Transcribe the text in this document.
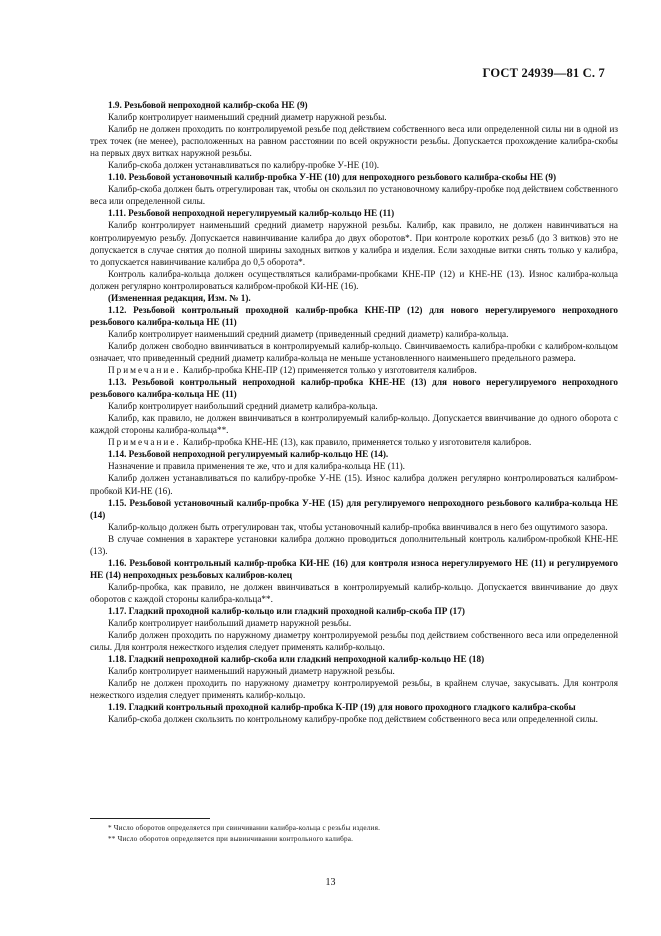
ГОСТ 24939—81 С. 7

1.9. Резьбовой непроходной калибр-скоба НЕ (9)

Калибр контролирует наименьший средний диаметр наружной резьбы.

Калибр не должен проходить по контролируемой резьбе под действием собственного веса или определенной силы ни в одной из трех точек (не менее), расположенных на равном расстоянии по всей окружности резьбы. Допускается прохождение калибра-скобы на первых двух витках наружной резьбы.

Калибр-скоба должен устанавливаться по калибру-пробке У-НЕ (10).

1.10. Резьбовой установочный калибр-пробка У-НЕ (10) для непроходного резьбового калибра-скобы НЕ (9)

Калибр-скоба должен быть отрегулирован так, чтобы он скользил по установочному калибру-пробке под действием собственного веса или определенной силы.

1.11. Резьбовой непроходной нерегулируемый калибр-кольцо НЕ (11)

Калибр контролирует наименьший средний диаметр наружной резьбы. Калибр, как правило, не должен навинчиваться на контролируемую резьбу. Допускается навинчивание калибра до двух оборотов*. При контроле коротких резьб (до 3 витков) это не допускается в случае снятия до полной ширины заходных витков у калибра и изделия. Если заходные витки снять только у калибра, то допускается навинчивание калибра до 0,5 оборота*.

Контроль калибра-кольца должен осуществляться калибрами-пробками КНЕ-ПР (12) и КНЕ-НЕ (13). Износ калибра-кольца должен регулярно контролироваться калибром-пробкой КИ-НЕ (16).

(Измененная редакция, Изм. № 1).

1.12. Резьбовой контрольный проходной калибр-пробка КНЕ-ПР (12) для нового нерегулируемого непроходного резьбового калибра-кольца НЕ (11)

Калибр контролирует наименьший средний диаметр (приведенный средний диаметр) калибра-кольца.

Калибр должен свободно ввинчиваться в контролируемый калибр-кольцо. Свинчиваемость калибра-пробки с калибром-кольцом означает, что приведенный средний диаметр калибра-кольца не меньше установленного наименьшего предельного размера.

Примечание. Калибр-пробка КНЕ-ПР (12) применяется только у изготовителя калибров.

1.13. Резьбовой контрольный непроходной калибр-пробка КНЕ-НЕ (13) для нового нерегулируемого непроходного резьбового калибра-кольца НЕ (11)

Калибр контролирует наибольший средний диаметр калибра-кольца.

Калибр, как правило, не должен ввинчиваться в контролируемый калибр-кольцо. Допускается ввинчивание до одного оборота с каждой стороны калибра-кольца**.

Примечание. Калибр-пробка КНЕ-НЕ (13), как правило, применяется только у изготовителя калибров.

1.14. Резьбовой непроходной регулируемый калибр-кольцо НЕ (14).

Назначение и правила применения те же, что и для калибра-кольца НЕ (11).

Калибр должен устанавливаться по калибру-пробке У-НЕ (15). Износ калибра должен регулярно контролироваться калибром-пробкой КИ-НЕ (16).

1.15. Резьбовой установочный калибр-пробка У-НЕ (15) для регулируемого непроходного резьбового калибра-кольца НЕ (14)

Калибр-кольцо должен быть отрегулирован так, чтобы установочный калибр-пробка ввинчивался в него без ощутимого зазора.

В случае сомнения в характере установки калибра должно проводиться дополнительный контроль калибром-пробкой КНЕ-НЕ (13).

1.16. Резьбовой контрольный калибр-пробка КИ-НЕ (16) для контроля износа нерегулируемого НЕ (11) и регулируемого НЕ (14) непроходных резьбовых калибров-колец

Калибр-пробка, как правило, не должен ввинчиваться в контролируемый калибр-кольцо. Допускается ввинчивание до двух оборотов с каждой стороны калибра-кольца**.

1.17. Гладкий проходной калибр-кольцо или гладкий проходной калибр-скоба ПР (17)

Калибр контролирует наибольший диаметр наружной резьбы.

Калибр должен проходить по наружному диаметру контролируемой резьбы под действием собственного веса или определенной силы. Для контроля нежесткого изделия следует применять калибр-кольцо.

1.18. Гладкий непроходной калибр-скоба или гладкий непроходной калибр-кольцо НЕ (18)

Калибр контролирует наименьший наружный диаметр наружной резьбы.

Калибр не должен проходить по наружному диаметру контролируемой резьбы, в крайнем случае, закусывать. Для контроля нежесткого изделия следует применять калибр-кольцо.

1.19. Гладкий контрольный проходной калибр-пробка К-ПР (19) для нового проходного гладкого калибра-скобы

Калибр-скоба должен скользить по контрольному калибру-пробке под действием собственного веса или определенной силы.

* Число оборотов определяется при свинчивании калибра-кольца с резьбы изделия.

** Число оборотов определяется при вывинчивании контрольного калибра.

13
